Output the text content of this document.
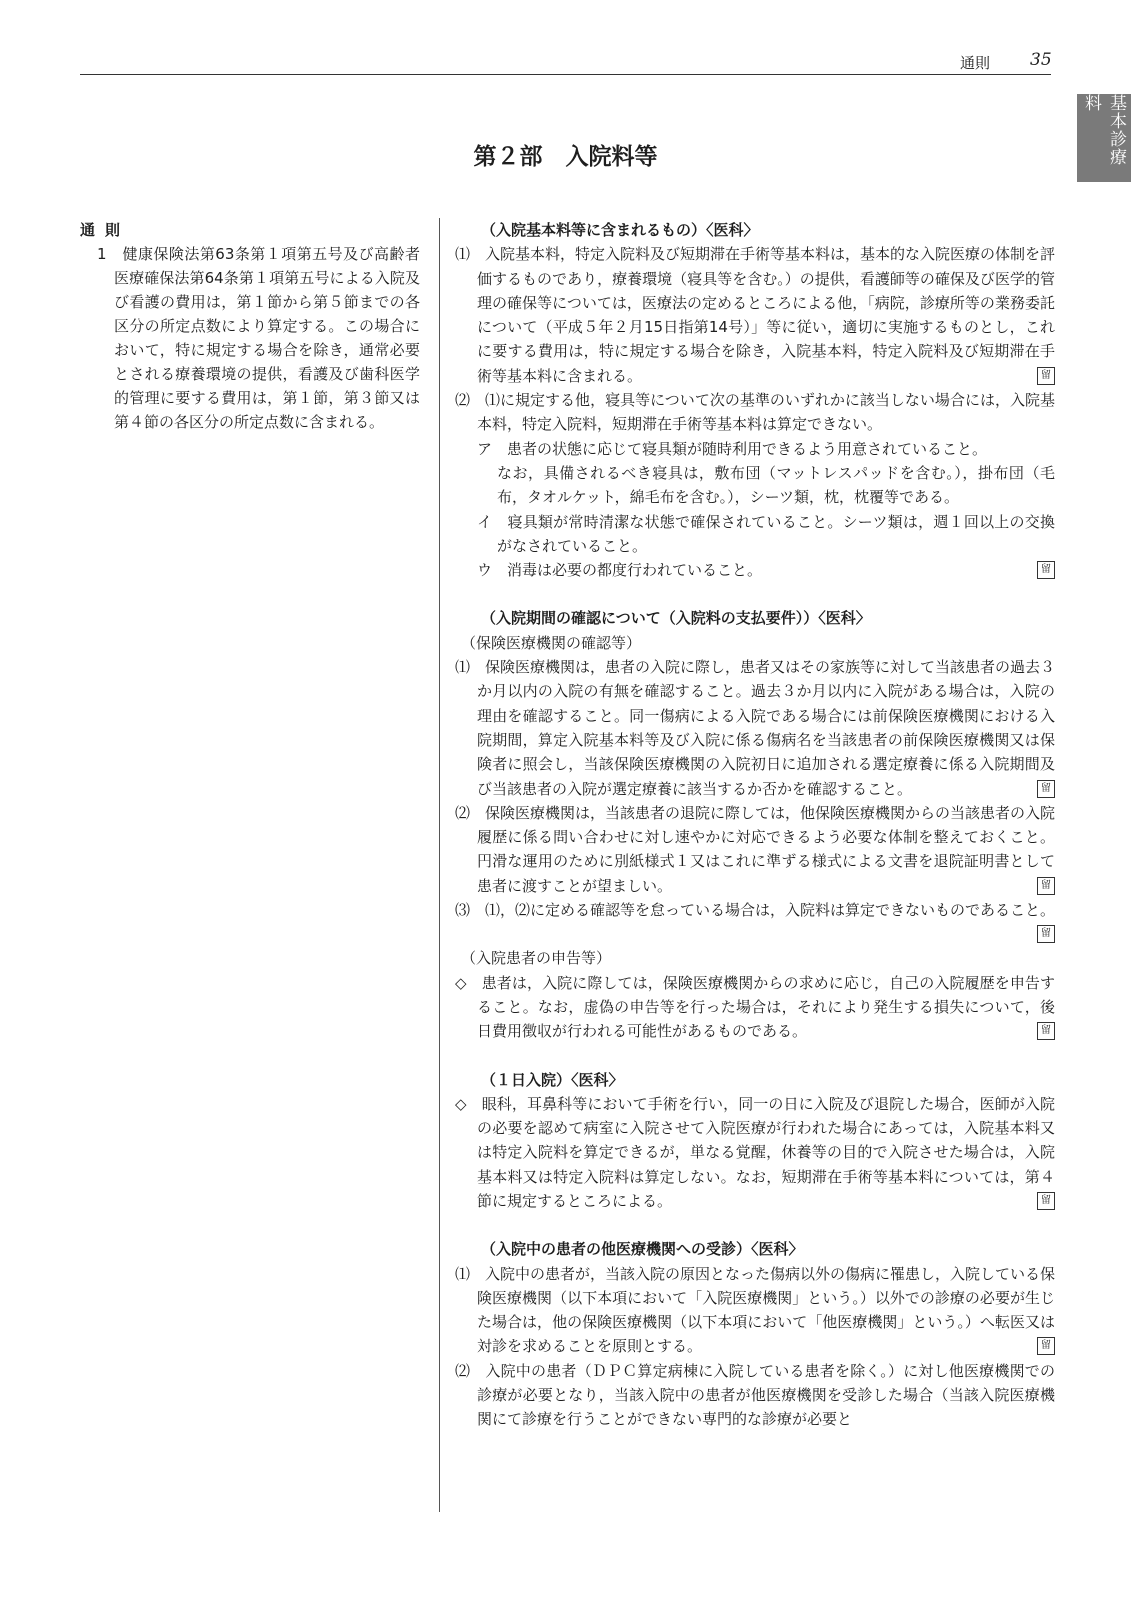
通則 35
基本診療料
第２部　入院料等
通則
1　健康保険法第63条第１項第五号及び高齢者医療確保法第64条第１項第五号による入院及び看護の費用は，第１節から第５節までの各区分の所定点数により算定する。この場合において，特に規定する場合を除き，通常必要とされる療養環境の提供，看護及び歯科医学的管理に要する費用は，第１節，第３節又は第４節の各区分の所定点数に含まれる。
（入院基本料等に含まれるもの）〈医科〉
⑴　入院基本料，特定入院料及び短期滞在手術等基本料は，基本的な入院医療の体制を評価するものであり，療養環境（寝具等を含む。）の提供，看護師等の確保及び医学的管理の確保等については，医療法の定めるところによる他，「病院，診療所等の業務委託について（平成５年２月15日指第14号）」等に従い，適切に実施するものとし，これに要する費用は，特に規定する場合を除き，入院基本料，特定入院料及び短期滞在手術等基本料に含まれる。	留
⑵　⑴に規定する他，寝具等について次の基準のいずれかに該当しない場合には，入院基本料，特定入院料，短期滞在手術等基本料は算定できない。
ア　患者の状態に応じて寝具類が随時利用できるよう用意されていること。
なお，具備されるべき寝具は，敷布団（マットレスパッドを含む。），掛布団（毛布，タオルケット，綿毛布を含む。），シーツ類，枕，枕覆等である。
イ　寝具類が常時清潔な状態で確保されていること。シーツ類は，週１回以上の交換がなされていること。
ウ　消毒は必要の都度行われていること。	留
（入院期間の確認について（入院料の支払要件））〈医科〉
（保険医療機関の確認等）
⑴　保険医療機関は，患者の入院に際し，患者又はその家族等に対して当該患者の過去３か月以内の入院の有無を確認すること。過去３か月以内に入院がある場合は，入院の理由を確認すること。同一傷病による入院である場合には前保険医療機関における入院期間，算定入院基本料等及び入院に係る傷病名を当該患者の前保険医療機関又は保険者に照会し，当該保険医療機関の入院初日に追加される選定療養に係る入院期間及び当該患者の入院が選定療養に該当するか否かを確認すること。	留
⑵　保険医療機関は，当該患者の退院に際しては，他保険医療機関からの当該患者の入院履歴に係る問い合わせに対し速やかに対応できるよう必要な体制を整えておくこと。円滑な運用のために別紙様式１又はこれに準ずる様式による文書を退院証明書として患者に渡すことが望ましい。	留
⑶　⑴，⑵に定める確認等を怠っている場合は，入院料は算定できないものであること。
留
（入院患者の申告等）
◇　患者は，入院に際しては，保険医療機関からの求めに応じ，自己の入院履歴を申告すること。なお，虚偽の申告等を行った場合は，それにより発生する損失について，後日費用徴収が行われる可能性があるものである。	留
（１日入院）〈医科〉
◇　眼科，耳鼻科等において手術を行い，同一の日に入院及び退院した場合，医師が入院の必要を認めて病室に入院させて入院医療が行われた場合にあっては，入院基本料又は特定入院料を算定できるが，単なる覚醒，休養等の目的で入院させた場合は，入院基本料又は特定入院料は算定しない。なお，短期滞在手術等基本料については，第４節に規定するところによる。	留
（入院中の患者の他医療機関への受診）〈医科〉
⑴　入院中の患者が，当該入院の原因となった傷病以外の傷病に罹患し，入院している保険医療機関（以下本項において「入院医療機関」という。）以外での診療の必要が生じた場合は，他の保険医療機関（以下本項において「他医療機関」という。）へ転医又は対診を求めることを原則とする。	留
⑵　入院中の患者（ＤＰＣ算定病棟に入院している患者を除く。）に対し他医療機関での診療が必要となり，当該入院中の患者が他医療機関を受診した場合（当該入院医療機関にて診療を行うことができない専門的な診療が必要と
